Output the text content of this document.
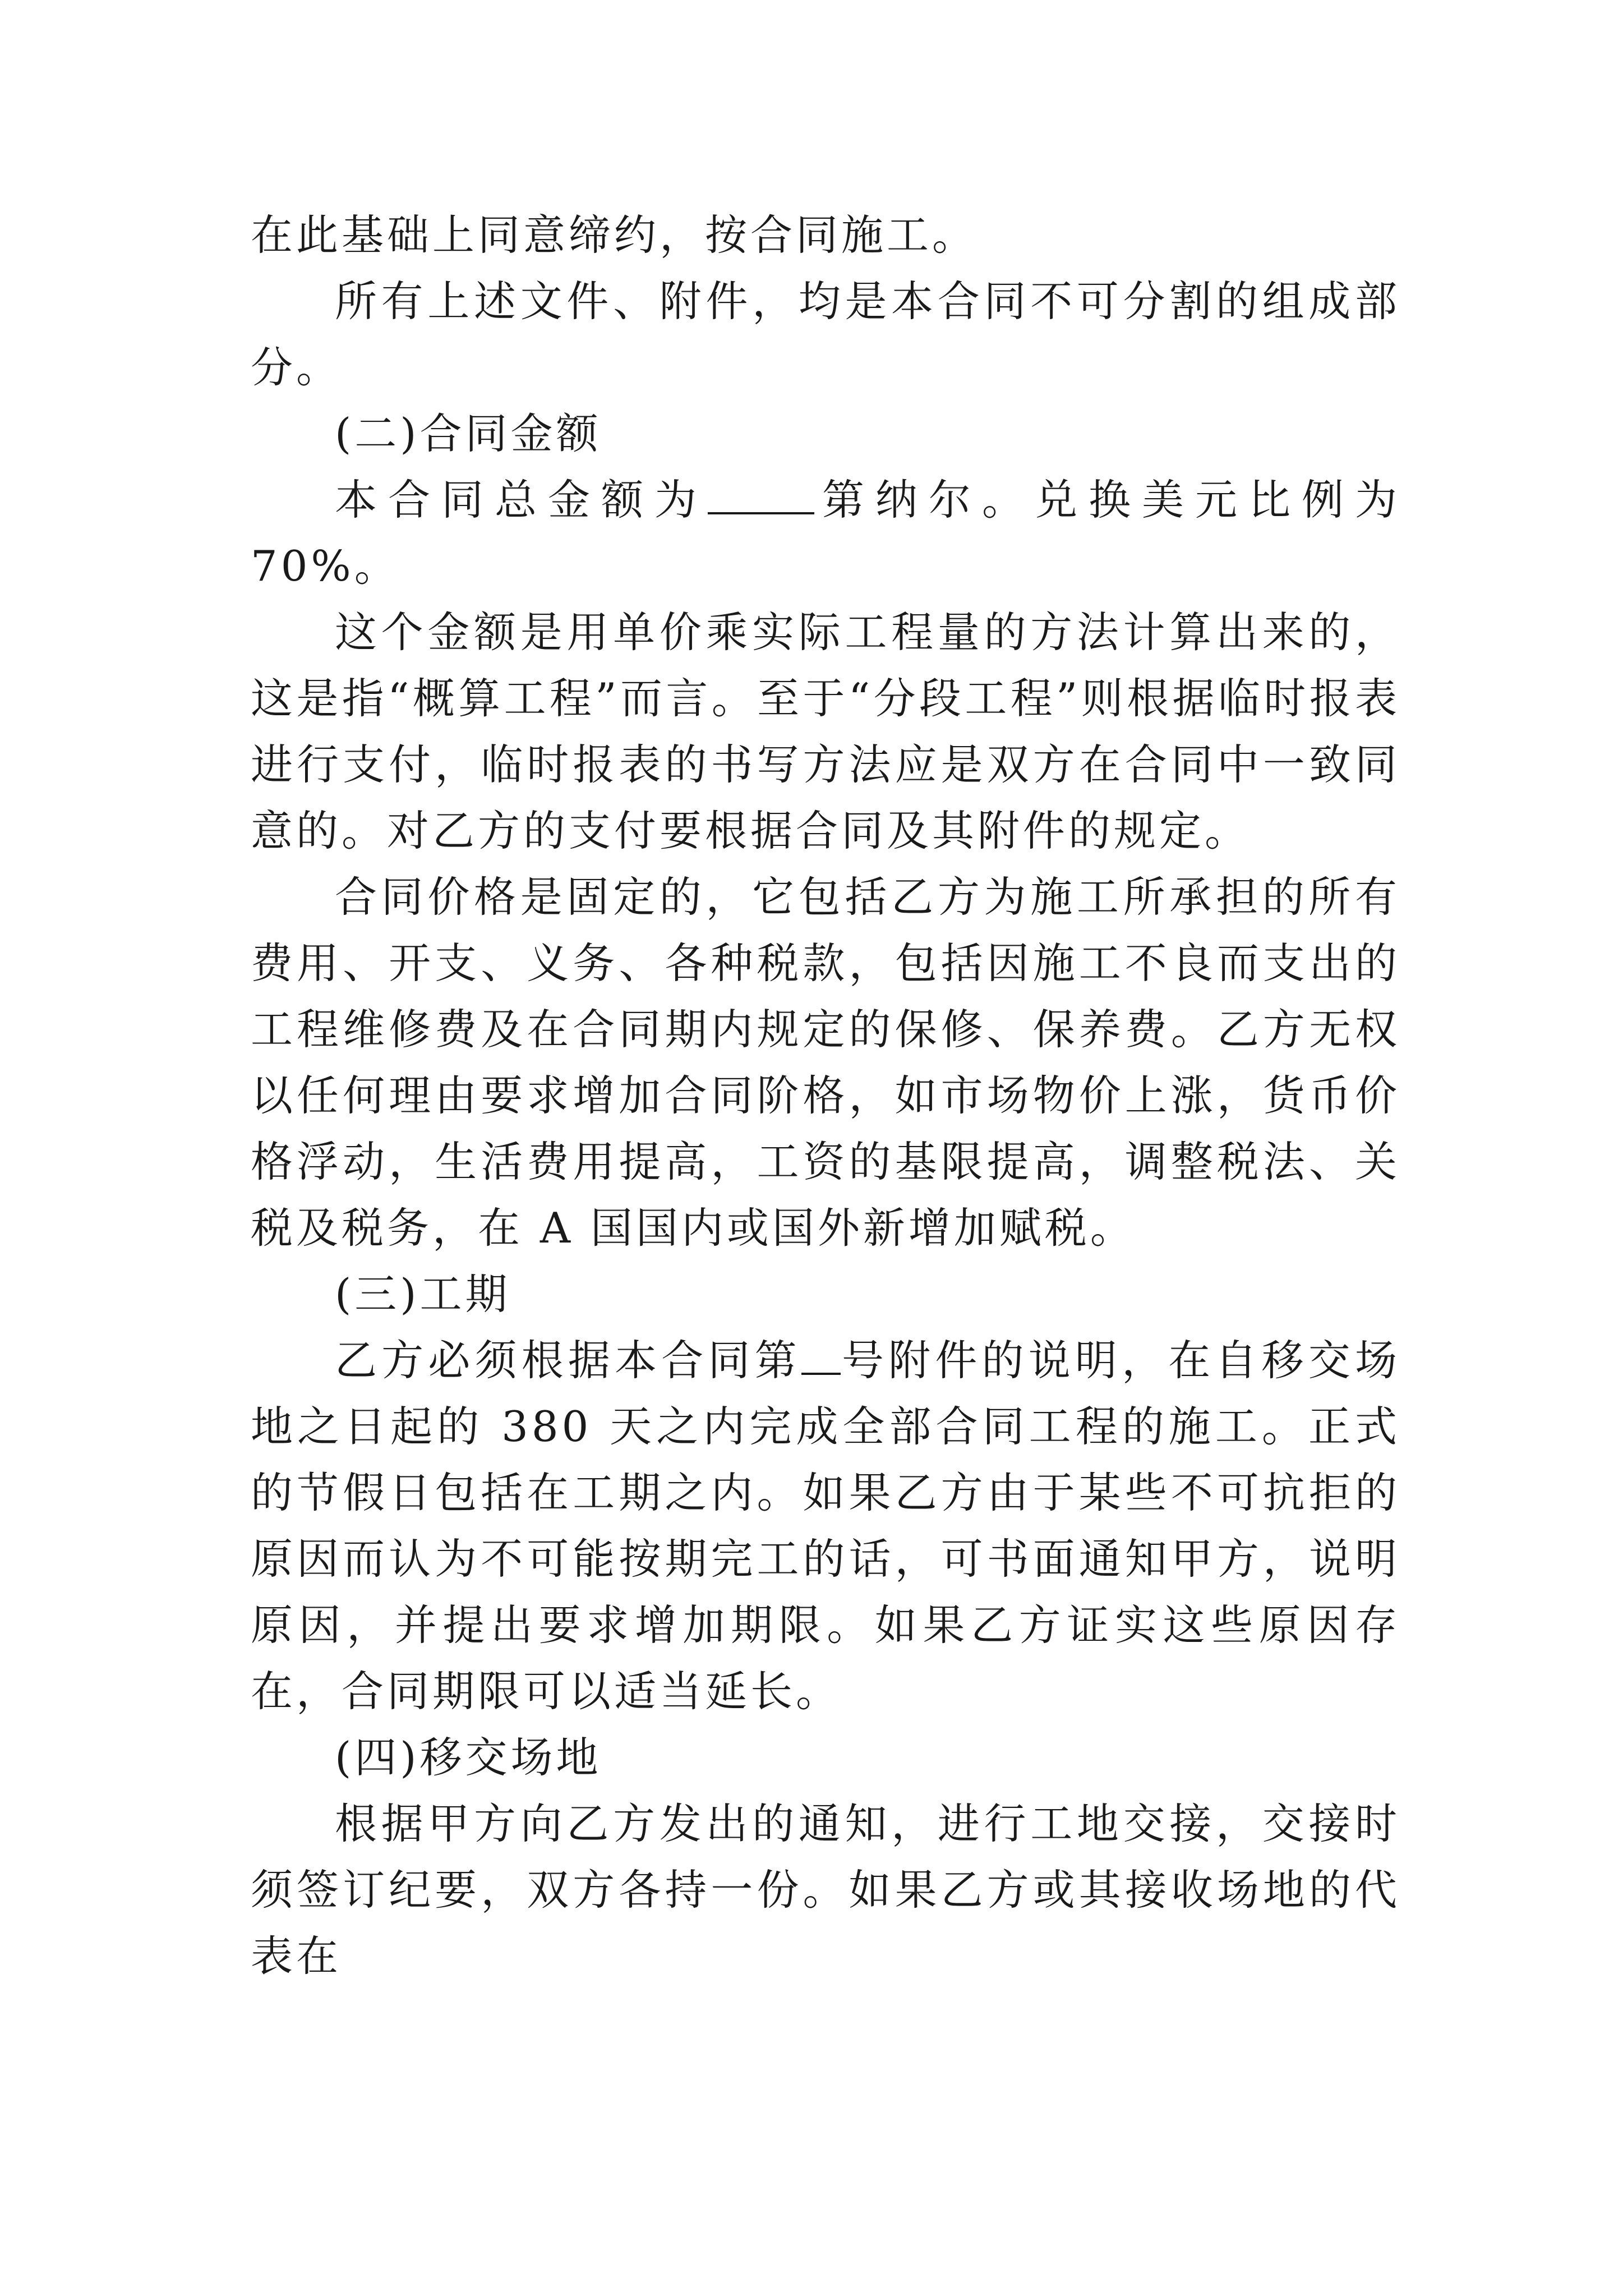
在此基础上同意缔约，按合同施工。

所有上述文件、附件，均是本合同不可分割的组成部分。

(二)合同金额

本合同总金额为	第纳尔。兑换美元比例为 70%。

这个金额是用单价乘实际工程量的方法计算出来的，这是指“概算工程”而言。至于“分段工程”则根据临时报表进行支付，临时报表的书写方法应是双方在合同中一致同意的。对乙方的支付要根据合同及其附件的规定。

合同价格是固定的，它包括乙方为施工所承担的所有费用、开支、义务、各种税款，包括因施工不良而支出的工程维修费及在合同期内规定的保修、保养费。乙方无权以任何理由要求增加合同阶格，如市场物价上涨，货币价格浮动，生活费用提高，工资的基限提高，调整税法、关税及税务，在 A 国国内或国外新增加赋税。

(三)工期

乙方必须根据本合同第 号附件的说明，在自移交场地之日起的 380 天之内完成全部合同工程的施工。正式的节假日包括在工期之内。如果乙方由于某些不可抗拒的原因而认为不可能按期完工的话，可书面通知甲方，说明原因，并提出要求增加期限。如果乙方证实这些原因存在，合同期限可以适当延长。

(四)移交场地

根据甲方向乙方发出的通知，进行工地交接，交接时须签订纪要，双方各持一份。如果乙方或其接收场地的代表在
